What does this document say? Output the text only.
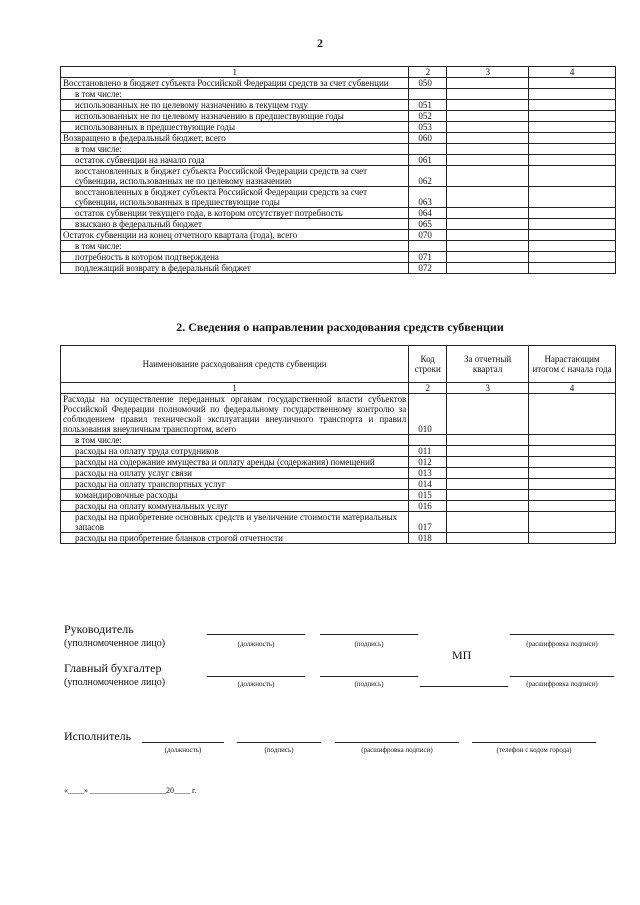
2
1	2	3	4
Восстановлено в бюджет субъекта Российской Федерации средств за счет субвенции	050		
в том числе:			
использованных не по целевому назначению в текущем году	051		
использованных не по целевому назначению в предшествующие годы	052		
использованных в предшествующие годы	053		
Возвращено в федеральный бюджет, всего	060		
в том числе:			
остаток субвенции на начало года	061		
восстановленных в бюджет субъекта Российской Федерации средств за счет субвенции, использованных не по целевому назначению	062		
восстановленных в бюджет субъекта Российской Федерации средств за счет субвенции, использованных в предшествующие годы	063		
остаток субвенции текущего года, в котором отсутствует потребность	064		
взыскано в федеральный бюджет	065		
Остаток субвенции на конец отчетного квартала (года), всего	070		
в том числе:			
потребность в котором подтверждена	071		
подлежащий возврату в федеральный бюджет	072		
2. Сведения о направлении расходования средств субвенции
Наименование расходования средств субвенции	Код строки	За отчетный квартал	Нарастающим итогом с начала года
1	2	3	4
Расходы на осуществление переданных органам государственной власти субъектов Российской Федерации полномочий по федеральному государственному контролю за соблюдением правил технической эксплуатации внеуличного транспорта и правил пользования внеуличным транспортом, всего	010		
в том числе:			
расходы на оплату труда сотрудников	011		
расходы на содержание имущества и оплату аренды (содержания) помещений	012		
расходы на оплату услуг связи	013		
расходы на оплату транспортных услуг	014		
командировочные расходы	015		
расходы на оплату коммунальных услуг	016		
расходы на приобретение основных средств и увеличение стоимости материальных запасов	017		
расходы на приобретение бланков строгой отчетности	018		
Руководитель
(уполномоченное лицо)	(должность)	(подпись)	(расшифровка подписи)
МП
Главный бухгалтер
(уполномоченное лицо)	(должность)	(подпись)	(расшифровка подписи)
Исполнитель
(должность)	(подпись)	(расшифровка подписи)	(телефон с кодом города)
«____» ___________________20____ г.
